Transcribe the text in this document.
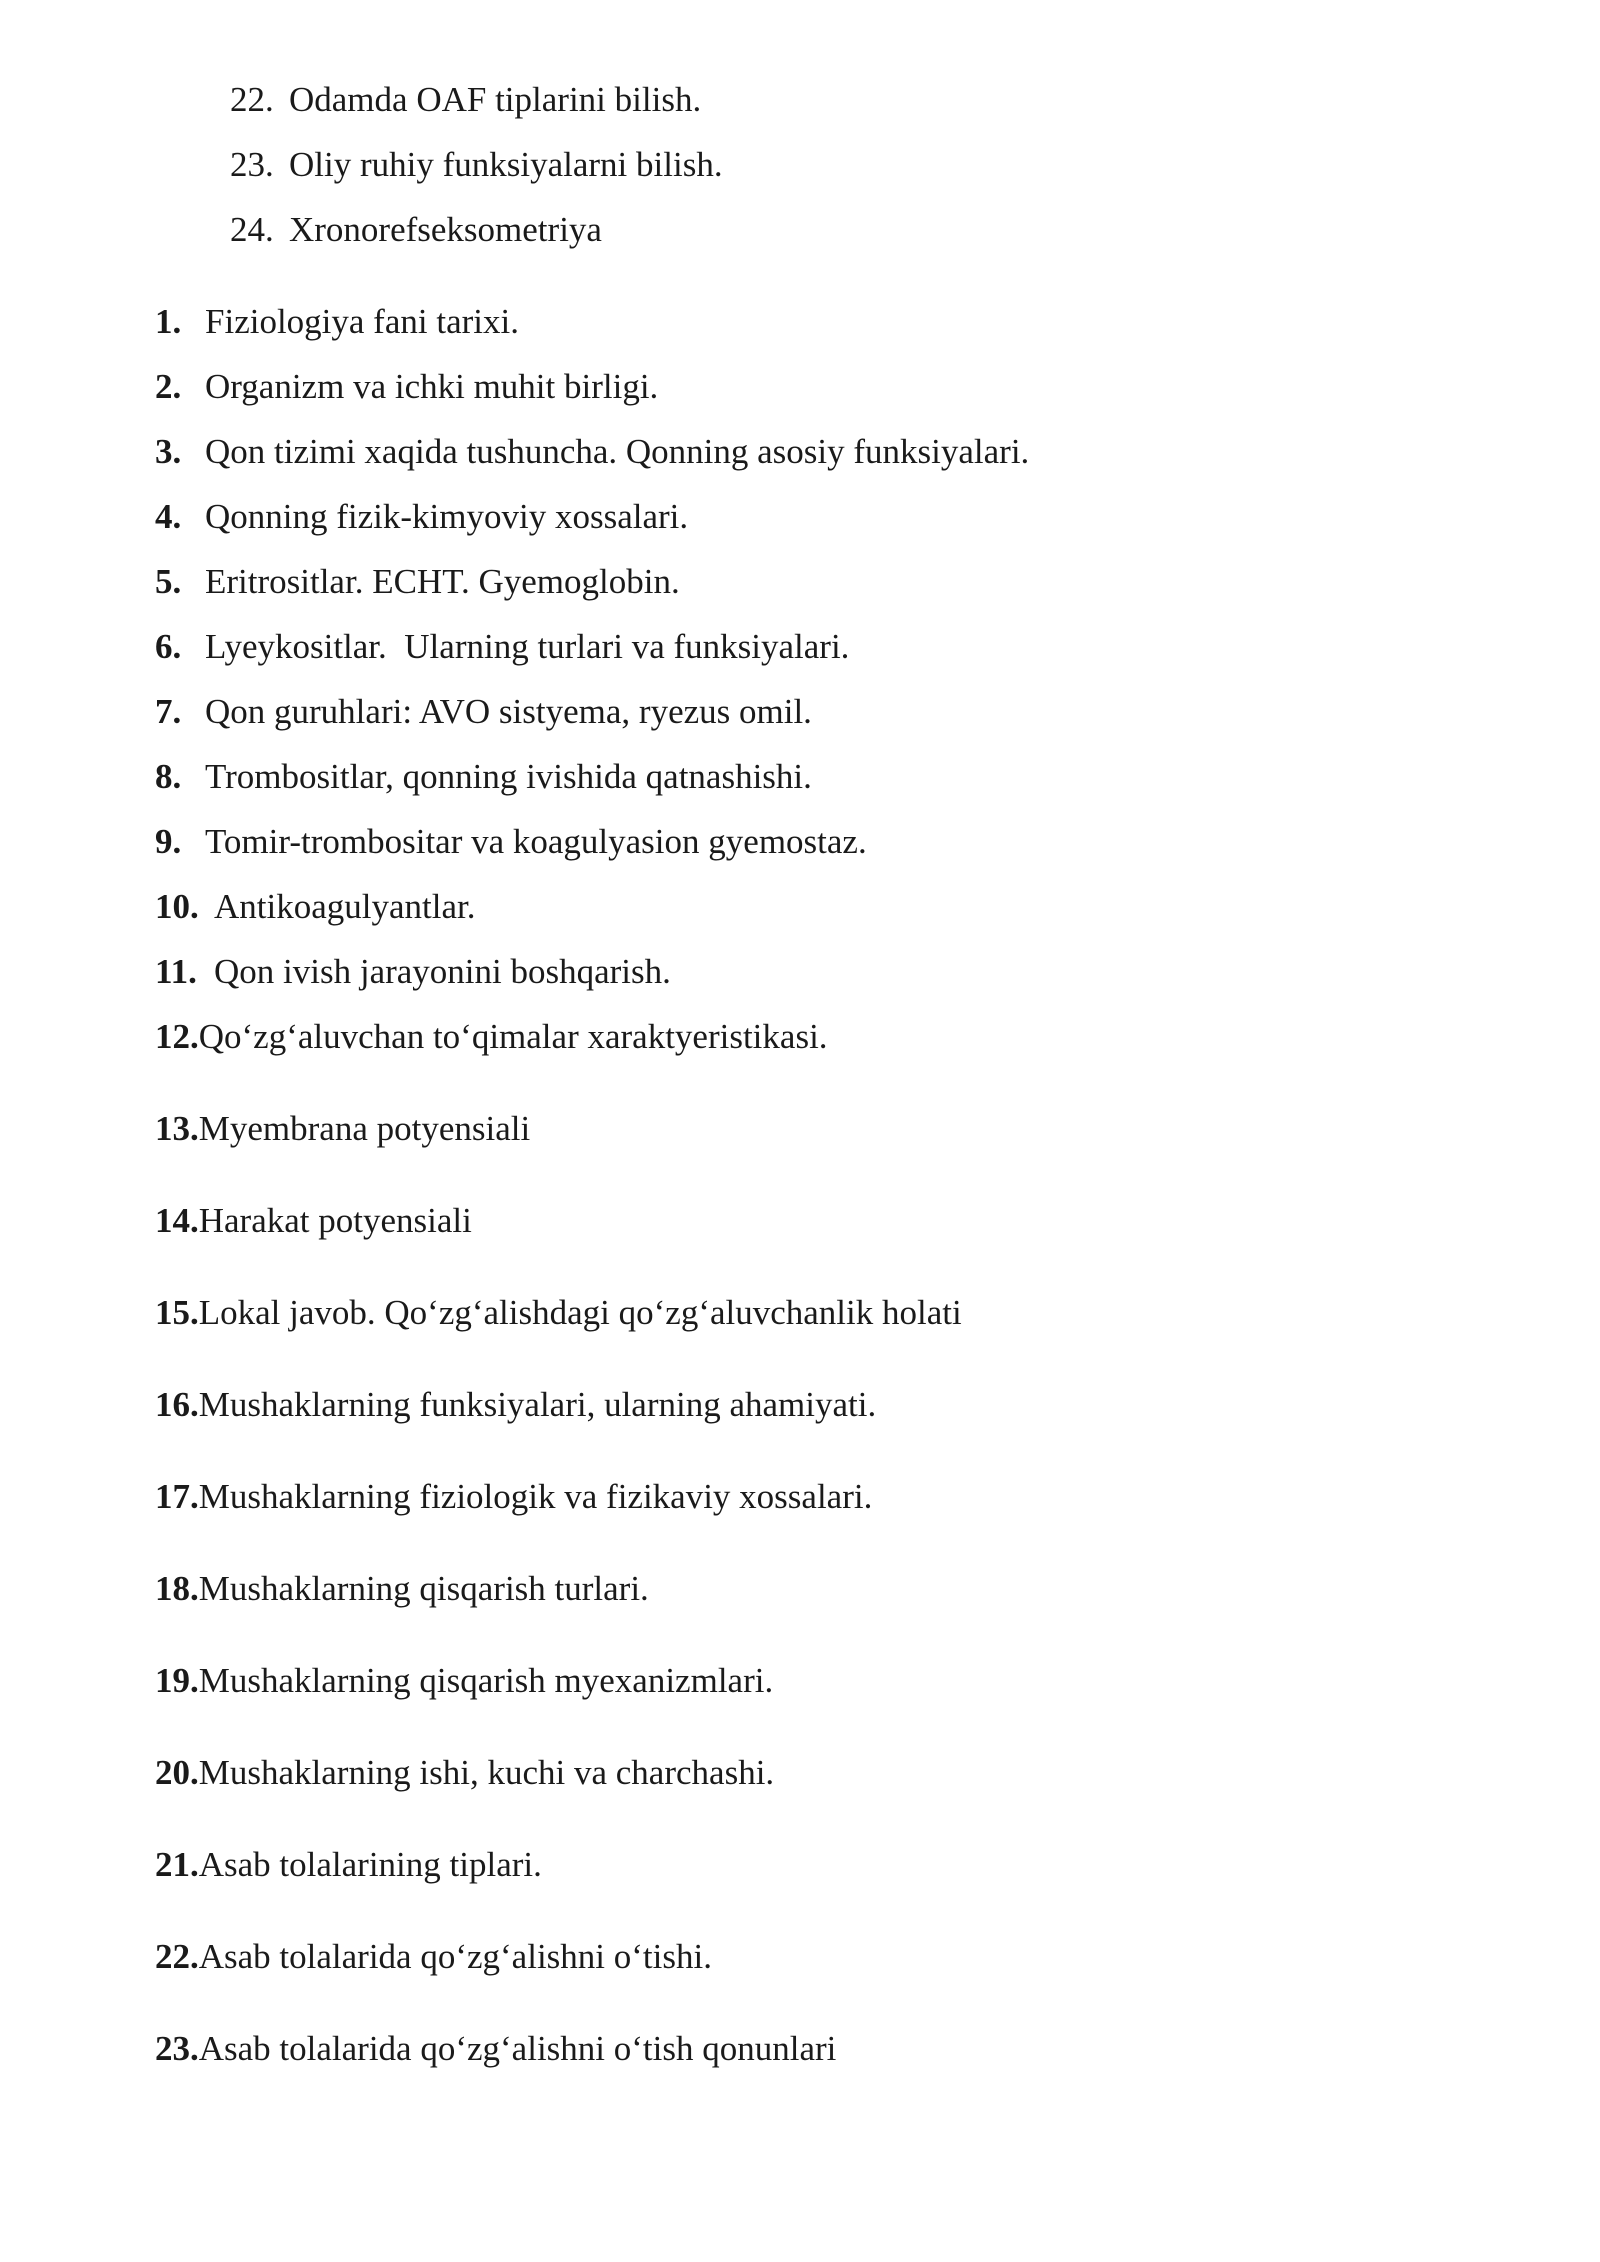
22. Odamda OAF tiplarini bilish.
23. Oliy ruhiy funksiyalarni bilish.
24. Xronorefseksometriya
1. Fiziologiya fani tarixi.
2. Organizm va ichki muhit birligi.
3. Qon tizimi xaqida tushuncha. Qonning asosiy funksiyalari.
4. Qonning fizik-kimyoviy xossalari.
5. Eritrositlar. ECHT. Gyemoglobin.
6. Lyeykositlar.  Ularning turlari va funksiyalari.
7. Qon guruhlari: AVO sistyema, ryezus omil.
8. Trombositlar, qonning ivishida qatnashishi.
9. Tomir-trombositar va koagulyasion gyemostaz.
10. Antikoagulyantlar.
11. Qon ivish jarayonini boshqarish.
12.Qo‘zg‘aluvchan to‘qimalar xaraktyeristikasi.
13.Myembrana potyensiali
14.Harakat potyensiali
15.Lokal javob. Qo‘zg‘alishdagi qo‘zg‘aluvchanlik holati
16.Mushaklarning funksiyalari, ularning ahamiyati.
17.Mushaklarning fiziologik va fizikaviy xossalari.
18.Mushaklarning qisqarish turlari.
19.Mushaklarning qisqarish myexanizmlari.
20.Mushaklarning ishi, kuchi va charchashi.
21.Asab tolalarining tiplari.
22.Asab tolalarida qo‘zg‘alishni o‘tishi.
23.Asab tolalarida qo‘zg‘alishni o‘tish qonunlari
